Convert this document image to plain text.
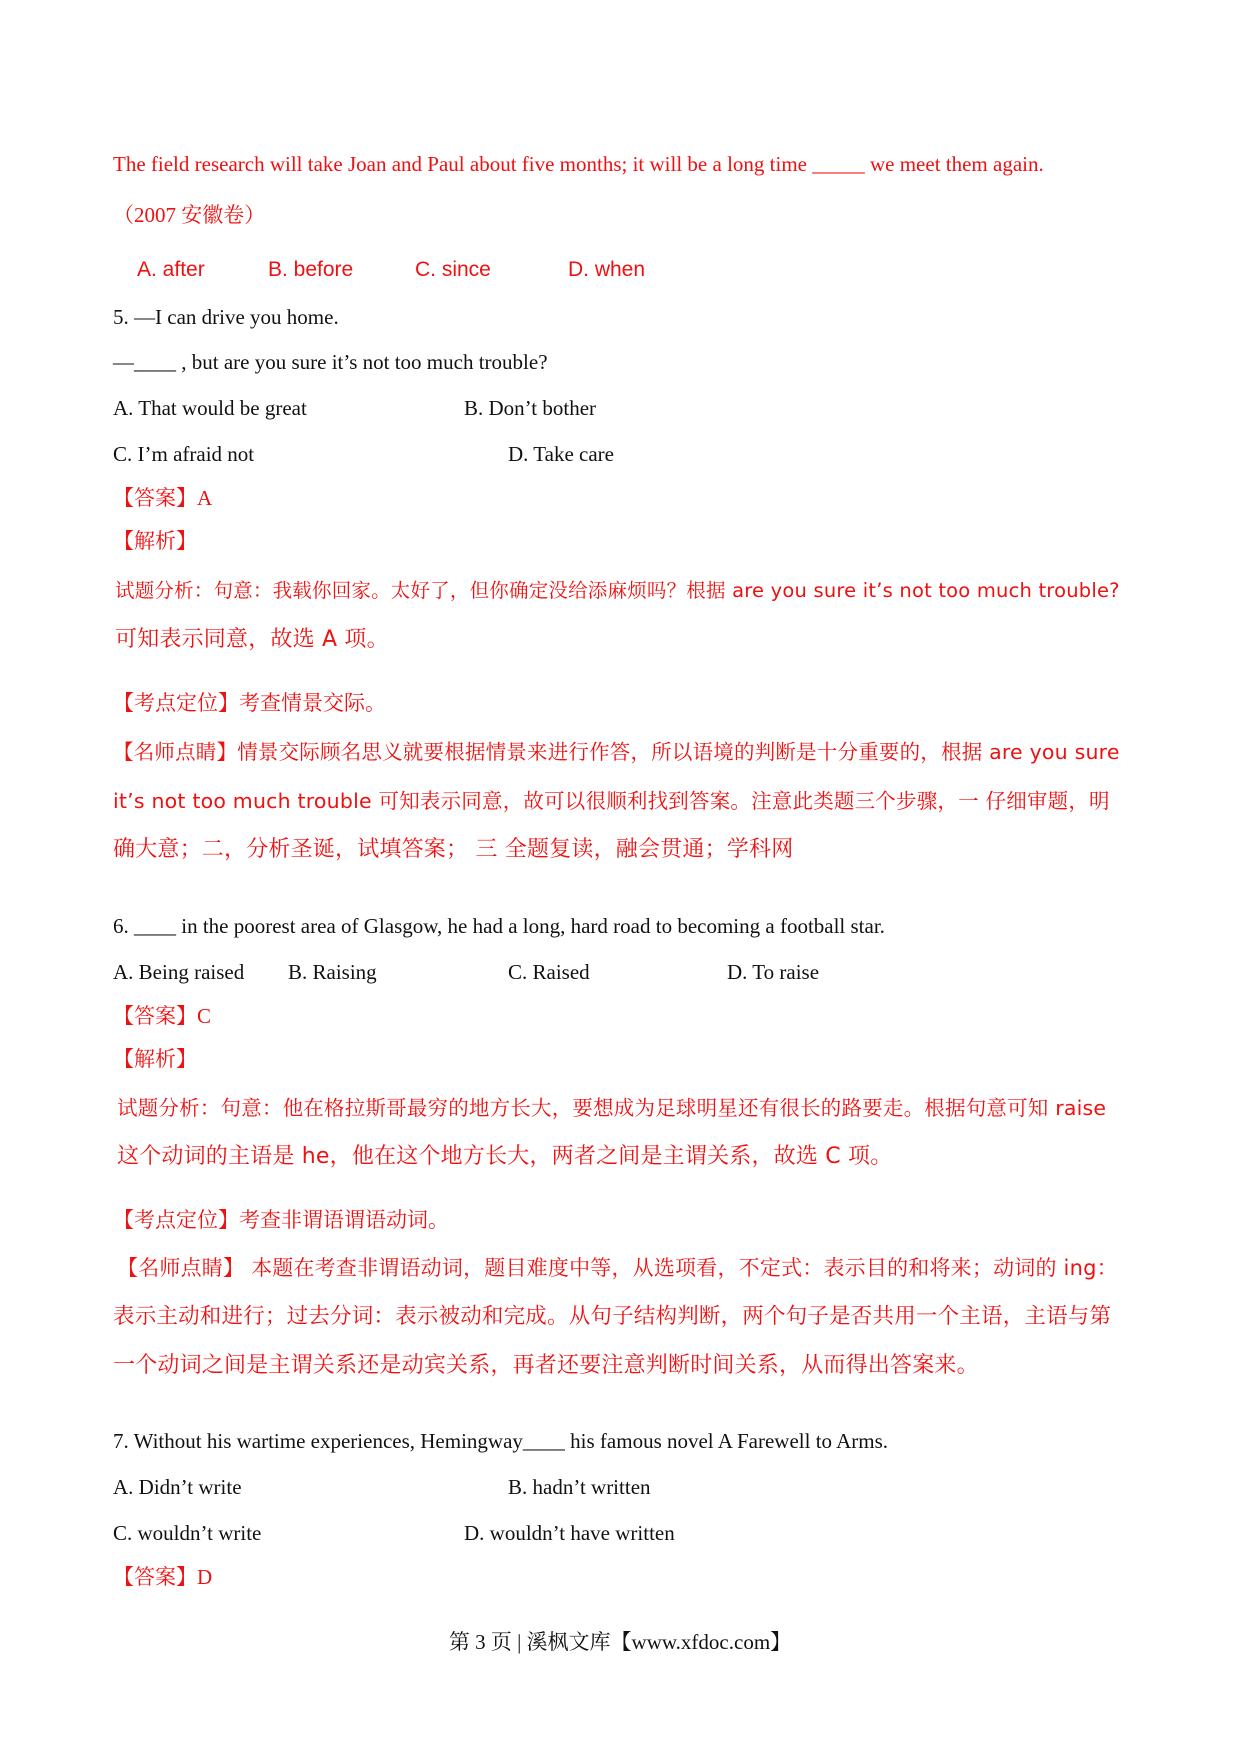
The field research will take Joan and Paul about five months; it will be a long time _____ we meet them again.
（2007 安徽卷）
A. after	B. before	C. since	D. when
5. —I can drive you home.
—____ , but are you sure it’s not too much trouble?
A. That would be great	B. Don’t bother
C. I’m afraid not	D. Take care
【答案】A
【解析】
试题分析：句意：我载你回家。太好了，但你确定没给添麻烦吗？根据 are you sure it’s not too much trouble?
可知表示同意，故选 A 项。
【考点定位】考查情景交际。
【名师点睛】情景交际顾名思义就要根据情景来进行作答，所以语境的判断是十分重要的，根据 are you sure
it’s not too much trouble 可知表示同意，故可以很顺利找到答案。注意此类题三个步骤，一 仔细审题，明
确大意；二，分析圣诞，试填答案； 三 全题复读，融会贯通；学科网
6. ____ in the poorest area of Glasgow, he had a long, hard road to becoming a football star.
A. Being raised B. Raising	C. Raised	D. To raise
【答案】C
【解析】
试题分析：句意：他在格拉斯哥最穷的地方长大，要想成为足球明星还有很长的路要走。根据句意可知 raise
这个动词的主语是 he，他在这个地方长大，两者之间是主谓关系，故选 C 项。
【考点定位】考查非谓语谓语动词。
【名师点睛】 本题在考查非谓语动词，题目难度中等，从选项看，不定式：表示目的和将来；动词的 ing：
表示主动和进行；过去分词：表示被动和完成。从句子结构判断，两个句子是否共用一个主语，主语与第
一个动词之间是主谓关系还是动宾关系，再者还要注意判断时间关系，从而得出答案来。
7. Without his wartime experiences, Hemingway____ his famous novel A Farewell to Arms.
A. Didn’t write	B. hadn’t written
C. wouldn’t write	D. wouldn’t have written
【答案】D
第 3 页 | 溪枫文库【www.xfdoc.com】
